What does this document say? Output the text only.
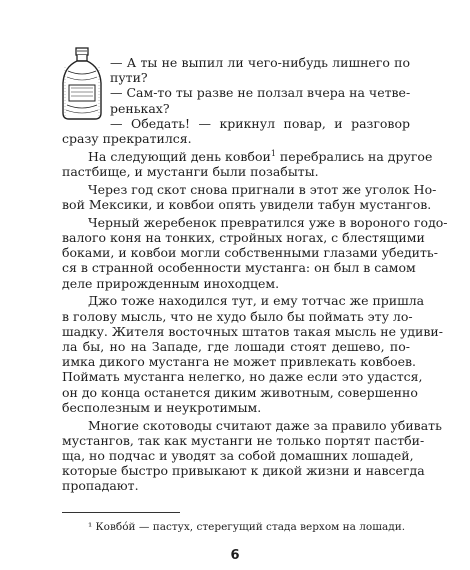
— А ты не выпил ли чего-нибудь лишнего по
пути?
— Сам-то ты разве не ползал вчера на четве-
реньках?
— Обедать! — крикнул повар, и разговор
сразу прекратился.
На следующий день ковбои$^1$ перебрались на другое
пастбище, и мустанги были позабыты.
Через год скот снова пригнали в этот же уголок Но-
вой Мексики, и ковбои опять увидели табун мустангов.
Черный жеребенок превратился уже в вороного годо-
валого коня на тонких, стройных ногах, с блестящими
боками, и ковбои могли собственными глазами убедить-
ся в странной особенности мустанга: он был в самом
деле прирожденным иноходцем.
Джо тоже находился тут, и ему тотчас же пришла
в голову мысль, что не худо было бы поймать эту ло-
шадку. Жителя восточных штатов такая мысль не удиви-
ла бы, но на Западе, где лошади стоят дешево, по-
имка дикого мустанга не может привлекать ковбоев.
Поймать мустанга нелегко, но даже если это удастся,
он до конца останется диким животным, совершенно
бесполезным и неукротимым.
Многие скотоводы считают даже за правило убивать
мустангов, так как мустанги не только портят пастби-
ща, но подчас и уводят за собой домашних лошадей,
которые быстро привыкают к дикой жизни и навсегда
пропадают.
¹ Ковбо́й — пастух, стерегущий стада верхом на лошади.
6
